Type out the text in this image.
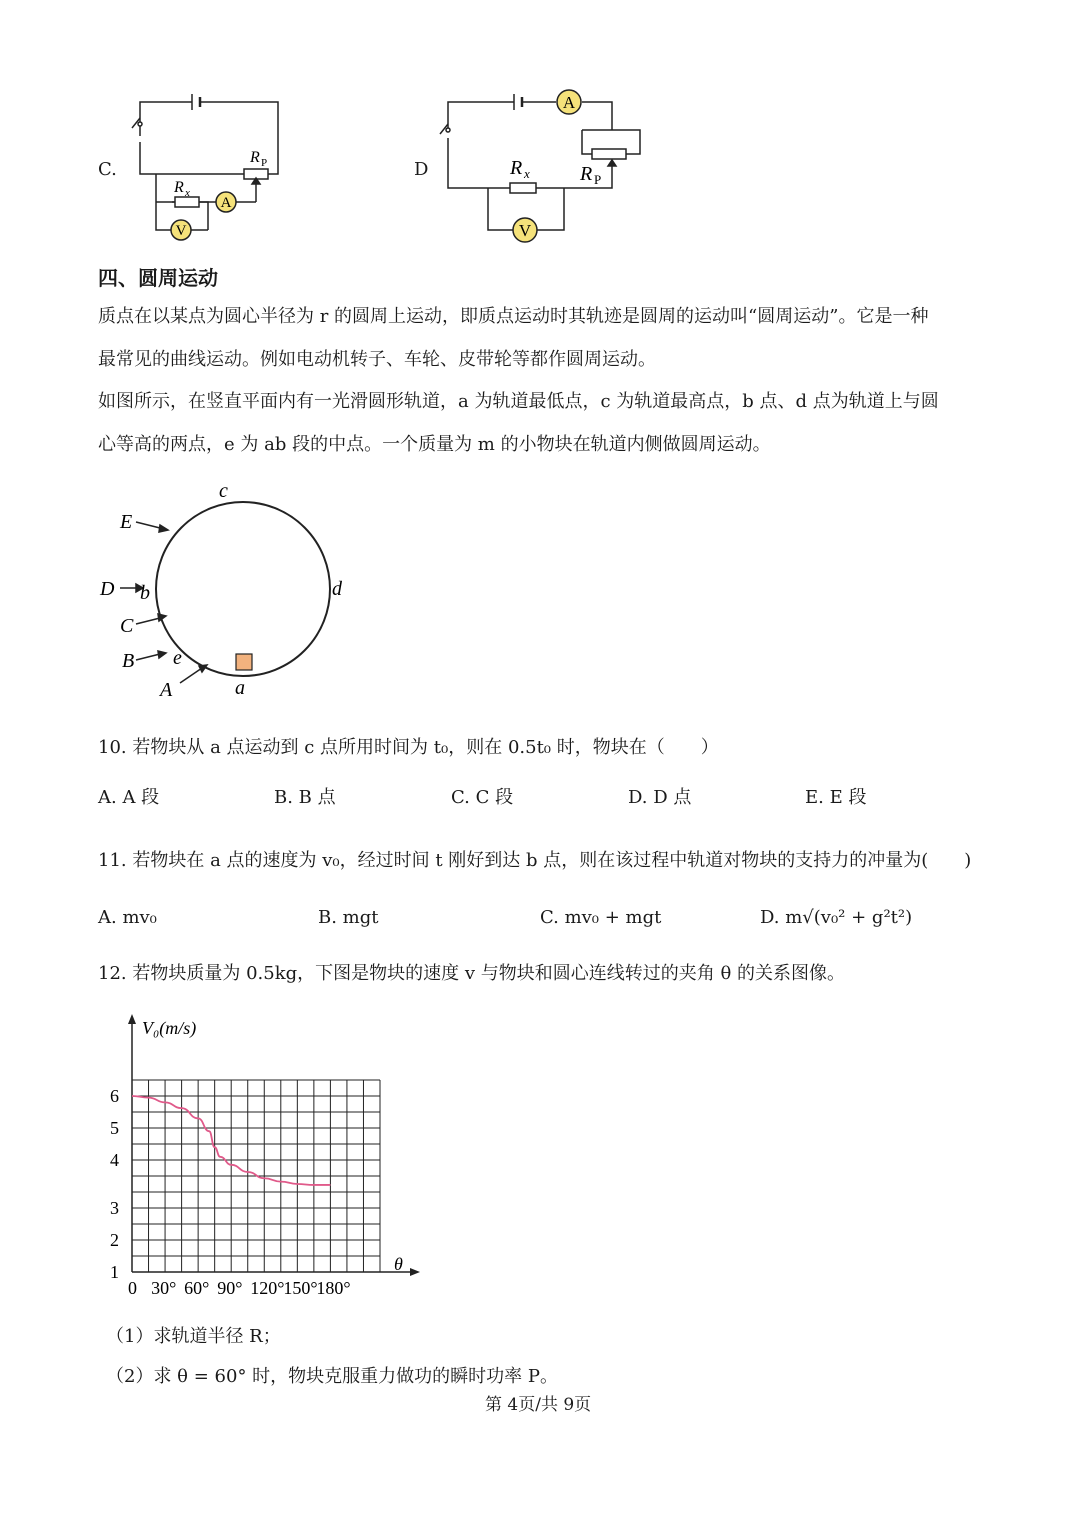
C.
A
V
R x
R P	D
A
V
R x	R P
四、圆周运动
质点在以某点为圆心半径为 r 的圆周上运动，即质点运动时其轨迹是圆周的运动叫“圆周运动”。它是一种
最常见的曲线运动。例如电动机转子、车轮、皮带轮等都作圆周运动。
如图所示，在竖直平面内有一光滑圆形轨道，a 为轨道最低点，c 为轨道最高点，b 点、d 点为轨道上与圆
心等高的两点，e 为 ab 段的中点。一个质量为 m 的小物块在轨道内侧做圆周运动。
c
d
b
e
a
E
D
C
B
A
10. 若物块从 a 点运动到 c 点所用时间为 t₀，则在 0.5t₀ 时，物块在（　　）
A. A 段	B. B 点	C. C 段	D. D 点	E. E 段
11. 若物块在 a 点的速度为 v₀，经过时间 t 刚好到达 b 点，则在该过程中轨道对物块的支持力的冲量为(　　)
A. mv₀	B. mgt	C. mv₀ + mgt	D. m√(v₀² + g²t²)
12. 若物块质量为 0.5kg，下图是物块的速度 v 与物块和圆心连线转过的夹角 θ 的关系图像。
1
2
3
4
5
6
0 30° 60° 90° 120°
150°
180°
V₀(m/s)
θ
（1）求轨道半径 R；
（2）求 θ = 60° 时，物块克服重力做功的瞬时功率 P。
第 4页/共 9页
